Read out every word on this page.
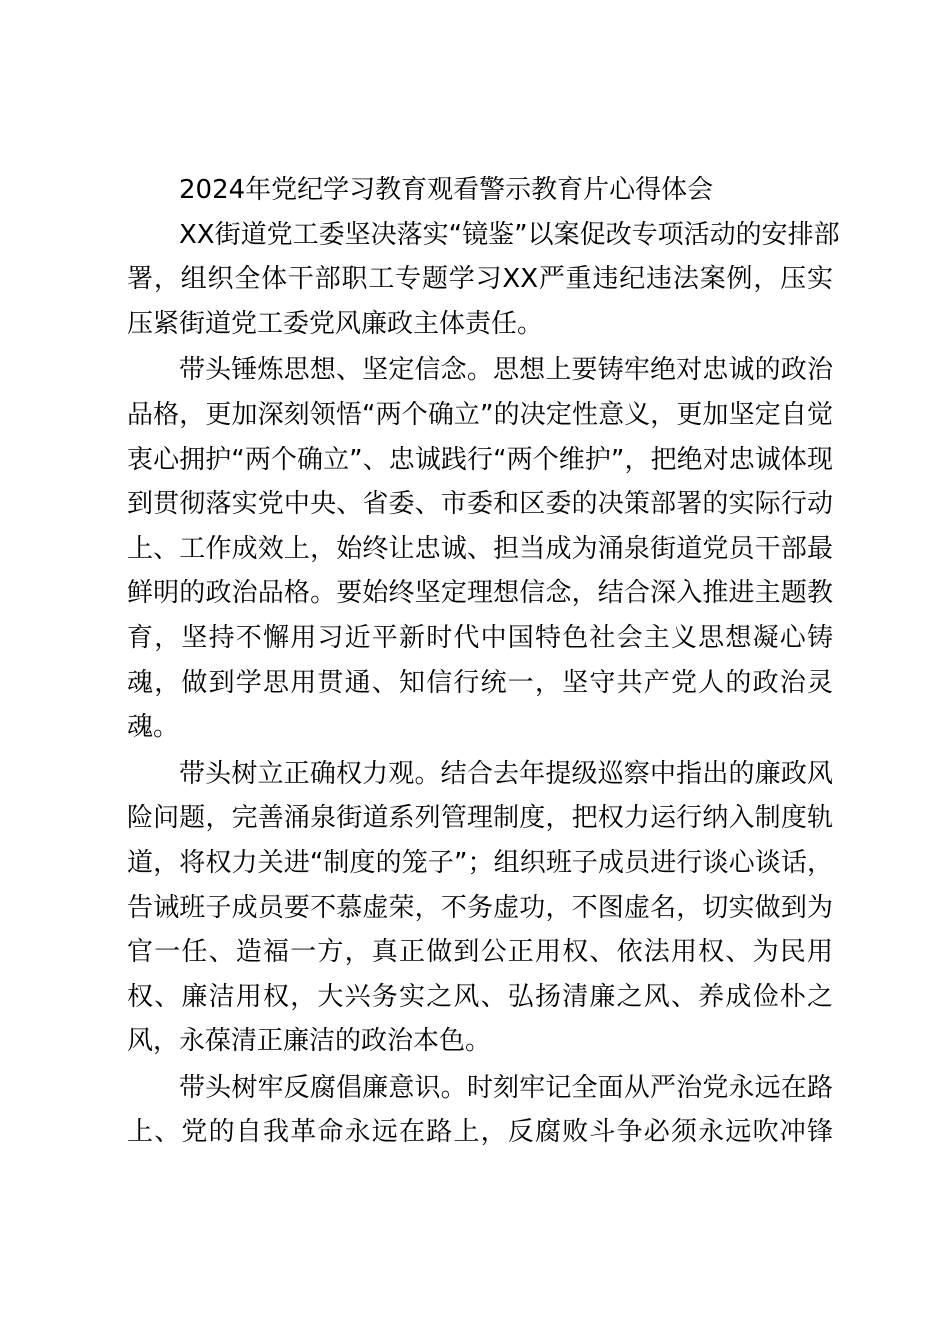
2024年党纪学习教育观看警示教育片心得体会
XX街道党工委坚决落实“镜鉴”以案促改专项活动的安排部
署，组织全体干部职工专题学习XX严重违纪违法案例，压实
压紧街道党工委党风廉政主体责任。
带头锤炼思想、坚定信念。思想上要铸牢绝对忠诚的政治
品格，更加深刻领悟“两个确立”的决定性意义，更加坚定自觉
衷心拥护“两个确立”、忠诚践行“两个维护”，把绝对忠诚体现
到贯彻落实党中央、省委、市委和区委的决策部署的实际行动
上、工作成效上，始终让忠诚、担当成为涌泉街道党员干部最
鲜明的政治品格。要始终坚定理想信念，结合深入推进主题教
育，坚持不懈用习近平新时代中国特色社会主义思想凝心铸
魂，做到学思用贯通、知信行统一，坚守共产党人的政治灵
魂。
带头树立正确权力观。结合去年提级巡察中指出的廉政风
险问题，完善涌泉街道系列管理制度，把权力运行纳入制度轨
道，将权力关进“制度的笼子”；组织班子成员进行谈心谈话，
告诫班子成员要不慕虚荣，不务虚功，不图虚名，切实做到为
官一任、造福一方，真正做到公正用权、依法用权、为民用
权、廉洁用权，大兴务实之风、弘扬清廉之风、养成俭朴之
风，永葆清正廉洁的政治本色。
带头树牢反腐倡廉意识。时刻牢记全面从严治党永远在路
上、党的自我革命永远在路上，反腐败斗争必须永远吹冲锋
